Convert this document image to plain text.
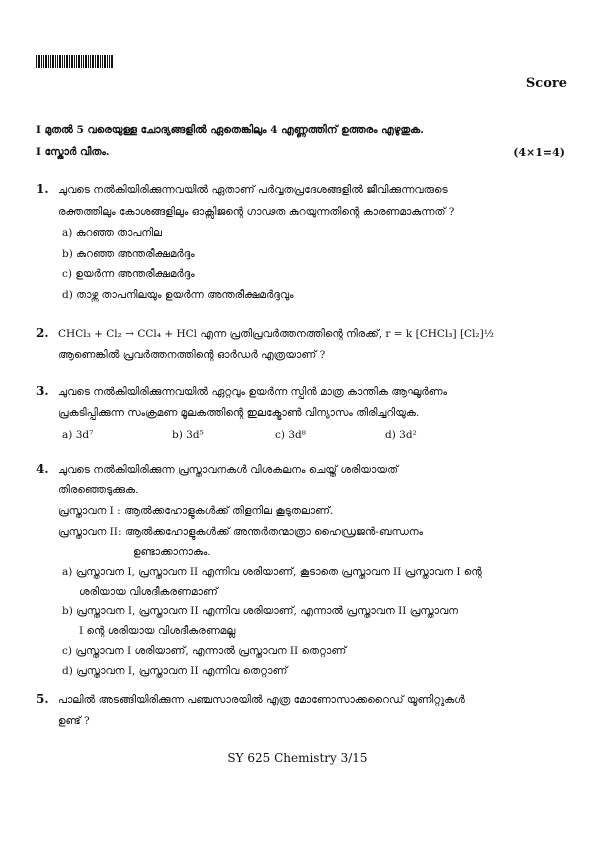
Score
I മുതൽ 5 വരെയുള്ള ചോദ്യങ്ങളിൽ ഏതെങ്കിലും 4 എണ്ണത്തിന് ഉത്തരം എഴുതുക.
I സ്കോർ വീതം.	(4×1=4)
1. ചുവടെ നൽകിയിരിക്കുന്നവയിൽ ഏതാണ് പർവ്വതപ്രദേശങ്ങളിൽ ജീവിക്കുന്നവരുടെ
രക്തത്തിലും കോശങ്ങളിലും ഓക്സിജന്റെ ഗാഢത കുറയുന്നതിന്റെ കാരണമാകുന്നത് ?
a) കുറഞ്ഞ താപനില
b) കുറഞ്ഞ അന്തരീക്ഷമർദ്ദം
c) ഉയർന്ന അന്തരീക്ഷമർദ്ദം
d) താഴ്ന്ന താപനിലയും ഉയർന്ന അന്തരീക്ഷമർദ്ദവും
2. CHCl₃ + Cl₂ → CCl₄ + HCl എന്ന പ്രതിപ്രവർത്തനത്തിന്റെ നിരക്ക്, r = k [CHCl₃] [Cl₂]½
ആണെങ്കിൽ പ്രവർത്തനത്തിന്റെ ഓർഡർ എത്രയാണ് ?
3. ചുവടെ നൽകിയിരിക്കുന്നവയിൽ ഏറ്റവും ഉയർന്ന സ്പിൻ മാത്ര കാന്തിക ആഘൂർണം
പ്രകടിപ്പിക്കുന്ന സംക്രമണ മൂലകത്തിന്റെ ഇലക്ട്രോൺ വിന്യാസം തിരിച്ചറിയുക.
a) 3d⁷	b) 3d⁵	c) 3d⁸	d) 3d²
4. ചുവടെ നൽകിയിരിക്കുന്ന പ്രസ്താവനകൾ വിശകലനം ചെയ്ത് ശരിയായത്
തിരഞ്ഞെടുക്കുക.
പ്രസ്താവന I : ആൽക്കഹോളുകൾക്ക് തിളനില കൂടുതലാണ്.
പ്രസ്താവന II: ആൽക്കഹോളുകൾക്ക് അന്തർതന്മാത്രാ ഹൈഡ്രജൻ-ബന്ധനം
ഉണ്ടാക്കാനാകും.
a) പ്രസ്താവന I, പ്രസ്താവന II എന്നിവ ശരിയാണ്, കൂടാതെ പ്രസ്താവന II പ്രസ്താവന I ന്റെ
ശരിയായ വിശദീകരണമാണ്
b) പ്രസ്താവന I, പ്രസ്താവന II എന്നിവ ശരിയാണ്, എന്നാൽ പ്രസ്താവന II പ്രസ്താവന
I ന്റെ ശരിയായ വിശദീകരണമല്ല
c) പ്രസ്താവന I ശരിയാണ്, എന്നാൽ പ്രസ്താവന II തെറ്റാണ്
d) പ്രസ്താവന I, പ്രസ്താവന II എന്നിവ തെറ്റാണ്
5. പാലിൽ അടങ്ങിയിരിക്കുന്ന പഞ്ചസാരയിൽ എത്ര മോണോസാക്കറൈഡ് യൂണിറ്റുകൾ
ഉണ്ട് ?
SY 625 Chemistry 3/15
